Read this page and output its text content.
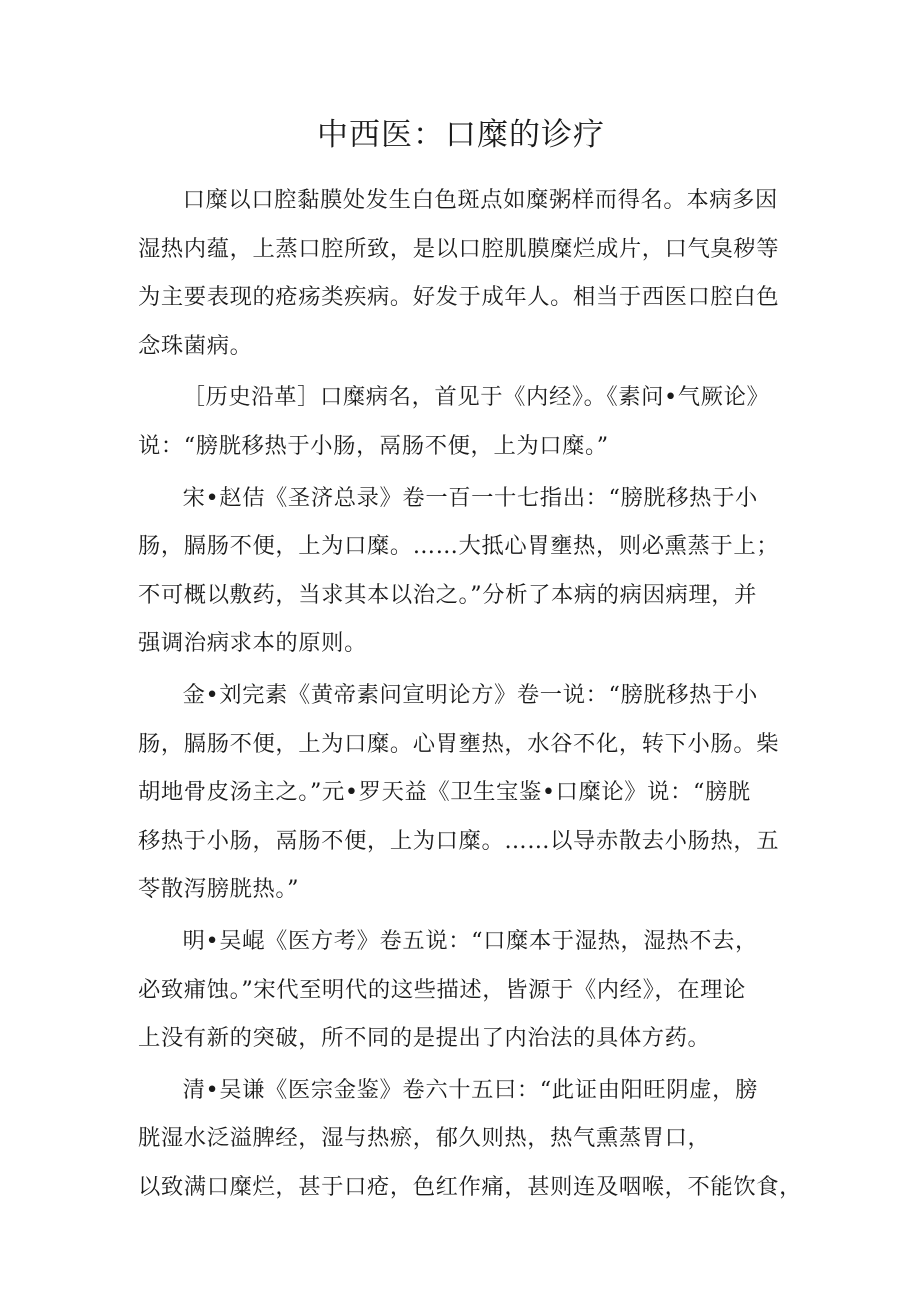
中西医：口糜的诊疗

口糜以口腔黏膜处发生白色斑点如糜粥样而得名。本病多因
湿热内蕴，上蒸口腔所致，是以口腔肌膜糜烂成片，口气臭秽等
为主要表现的疮疡类疾病。好发于成年人。相当于西医口腔白色
念珠菌病。

［历史沿革］口糜病名，首见于《内经》。《素问•气厥论》
说：“膀胱移热于小肠，鬲肠不便，上为口糜。”

宋•赵佶《圣济总录》卷一百一十七指出：“膀胱移热于小
肠，膈肠不便，上为口糜。……大抵心胃壅热，则必熏蒸于上；
不可概以敷药，当求其本以治之。”分析了本病的病因病理，并
强调治病求本的原则。

金•刘完素《黄帝素问宣明论方》卷一说：“膀胱移热于小
肠，膈肠不便，上为口糜。心胃壅热，水谷不化，转下小肠。柴
胡地骨皮汤主之。”元•罗天益《卫生宝鉴•口糜论》说：“膀胱
移热于小肠，鬲肠不便，上为口糜。……以导赤散去小肠热，五
苓散泻膀胱热。”

明•吴崐《医方考》卷五说：“口糜本于湿热，湿热不去，
必致痡蚀。”宋代至明代的这些描述，皆源于《内经》，在理论
上没有新的突破，所不同的是提出了内治法的具体方药。

清•吴谦《医宗金鉴》卷六十五曰：“此证由阳旺阴虚，膀
胱湿水泛溢脾经，湿与热瘀，郁久则热，热气熏蒸胃口，
以致满口糜烂，甚于口疮，色红作痛，甚则连及咽喉，不能饮食，
